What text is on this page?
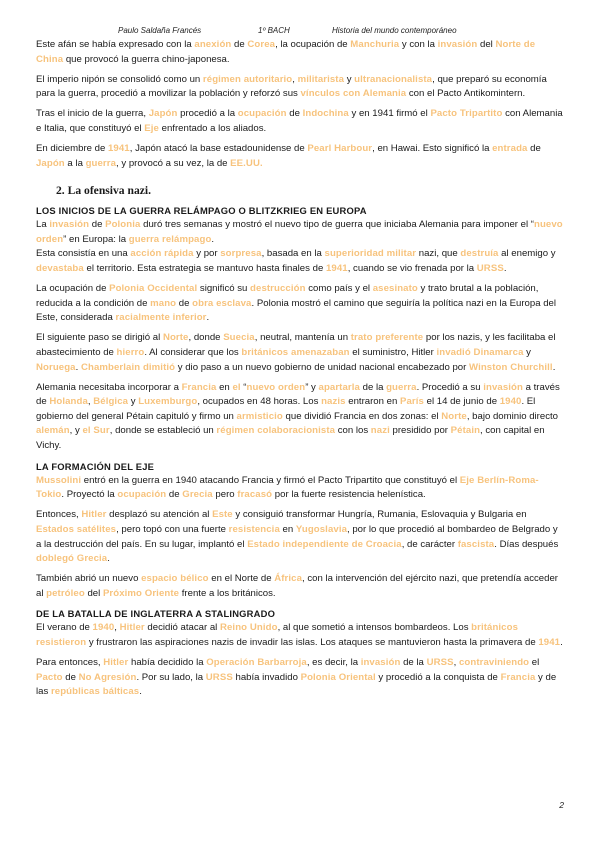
Paulo Saldaña Francés	1º BACH	Historia del mundo contemporáneo

Este afán se había expresado con la anexión de Corea, la ocupación de Manchuria y con la invasión del Norte de China que provocó la guerra chino-japonesa.

El imperio nipón se consolidó como un régimen autoritario, militarista y ultranacionalista, que preparó su economía para la guerra, procedió a movilizar la población y reforzó sus vínculos con Alemania con el Pacto Antikomintern.

Tras el inicio de la guerra, Japón procedió a la ocupación de Indochina y en 1941 firmó el Pacto Tripartito con Alemania e Italia, que constituyó el Eje enfrentado a los aliados.

En diciembre de 1941, Japón atacó la base estadounidense de Pearl Harbour, en Hawai. Esto significó la entrada de Japón a la guerra, y provocó a su vez, la de EE.UU.

2. La ofensiva nazi.
LOS INICIOS DE LA GUERRA RELÁMPAGO O BLITZKRIEG EN EUROPA

La invasión de Polonia duró tres semanas y mostró el nuevo tipo de guerra que iniciaba Alemania para imponer el “nuevo orden” en Europa: la guerra relámpago.
Esta consistía en una acción rápida y por sorpresa, basada en la superioridad militar nazi, que destruía al enemigo y devastaba el territorio. Esta estrategia se mantuvo hasta finales de 1941, cuando se vio frenada por la URSS.

La ocupación de Polonia Occidental significó su destrucción como país y el asesinato y trato brutal a la población, reducida a la condición de mano de obra esclava. Polonia mostró el camino que seguiría la política nazi en la Europa del Este, considerada racialmente inferior.

El siguiente paso se dirigió al Norte, donde Suecia, neutral, mantenía un trato preferente por los nazis, y les facilitaba el abastecimiento de hierro. Al considerar que los británicos amenazaban el suministro, Hitler invadió Dinamarca y Noruega. Chamberlain dimitió y dio paso a un nuevo gobierno de unidad nacional encabezado por Winston Churchill.

Alemania necesitaba incorporar a Francia en el “nuevo orden” y apartarla de la guerra. Procedió a su invasión a través de Holanda, Bélgica y Luxemburgo, ocupados en 48 horas. Los nazis entraron en París el 14 de junio de 1940. El gobierno del general Pétain capituló y firmo un armisticio que dividió Francia en dos zonas: el Norte, bajo dominio directo alemán, y el Sur, donde se estableció un régimen colaboracionista con los nazi presidido por Pétain, con capital en Vichy.

LA FORMACIÓN DEL EJE

Mussolini entró en la guerra en 1940 atacando Francia y firmó el Pacto Tripartito que constituyó el Eje Berlín-Roma-Tokio. Proyectó la ocupación de Grecia pero fracasó por la fuerte resistencia helenística.

Entonces, Hitler desplazó su atención al Este y consiguió transformar Hungría, Rumania, Eslovaquia y Bulgaria en Estados satélites, pero topó con una fuerte resistencia en Yugoslavia, por lo que procedió al bombardeo de Belgrado y a la destrucción del país. En su lugar, implantó el Estado independiente de Croacia, de carácter fascista. Días después doblegó Grecia.

También abrió un nuevo espacio bélico en el Norte de África, con la intervención del ejército nazi, que pretendía acceder al petróleo del Próximo Oriente frente a los británicos.

DE LA BATALLA DE INGLATERRA A STALINGRADO

El verano de 1940, Hitler decidió atacar al Reino Unido, al que sometió a intensos bombardeos. Los británicos resistieron y frustraron las aspiraciones nazis de invadir las islas. Los ataques se mantuvieron hasta la primavera de 1941.

Para entonces, Hitler había decidido la Operación Barbarroja, es decir, la invasión de la URSS, contraviniendo el Pacto de No Agresión. Por su lado, la URSS había invadido Polonia Oriental y procedió a la conquista de Francia y de las repúblicas bálticas.

2
